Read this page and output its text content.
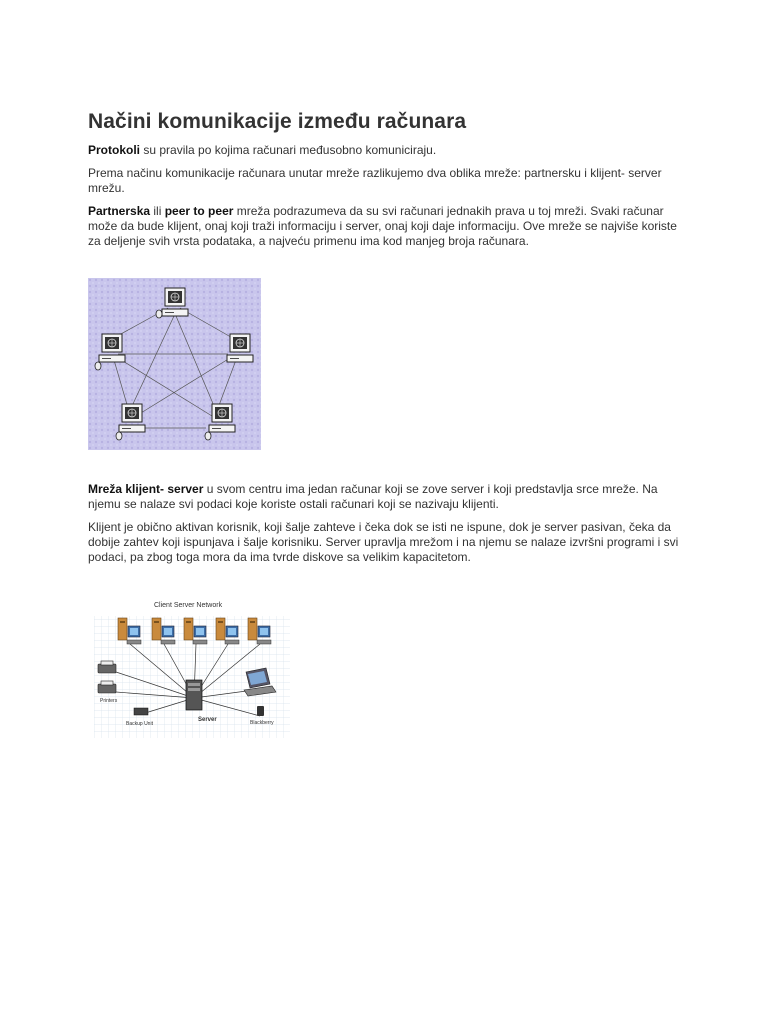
Načini komunikacije između računara

Protokoli su pravila po kojima računari međusobno komuniciraju.

Prema načinu komunikacije računara unutar mreže razlikujemo dva oblika mreže: partnersku i klijent- server mrežu.

Partnerska ili peer to peer mreža podrazumeva da su svi računari jednakih prava u toj mreži. Svaki računar može da bude klijent, onaj koji traži informaciju i server, onaj koji daje informaciju. Ove mreže se najviše koriste za deljenje svih vrsta podataka, a najveću primenu ima kod manjeg broja računara.

Mreža klijent- server u svom centru ima jedan računar koji se zove server i koji predstavlja srce mreže. Na njemu se nalaze svi podaci koje koriste ostali računari koji se nazivaju klijenti.

Klijent je obično aktivan korisnik, koji šalje zahteve i čeka dok se isti ne ispune, dok je server pasivan, čeka da dobije zahtev koji ispunjava i šalje korisniku. Server upravlja mrežom i na njemu se nalaze izvršni programi i svi podaci, pa zbog toga mora da ima tvrde diskove sa velikim kapacitetom.

Client Server Network
Printers
Backup Unit
Server	Blackberry
